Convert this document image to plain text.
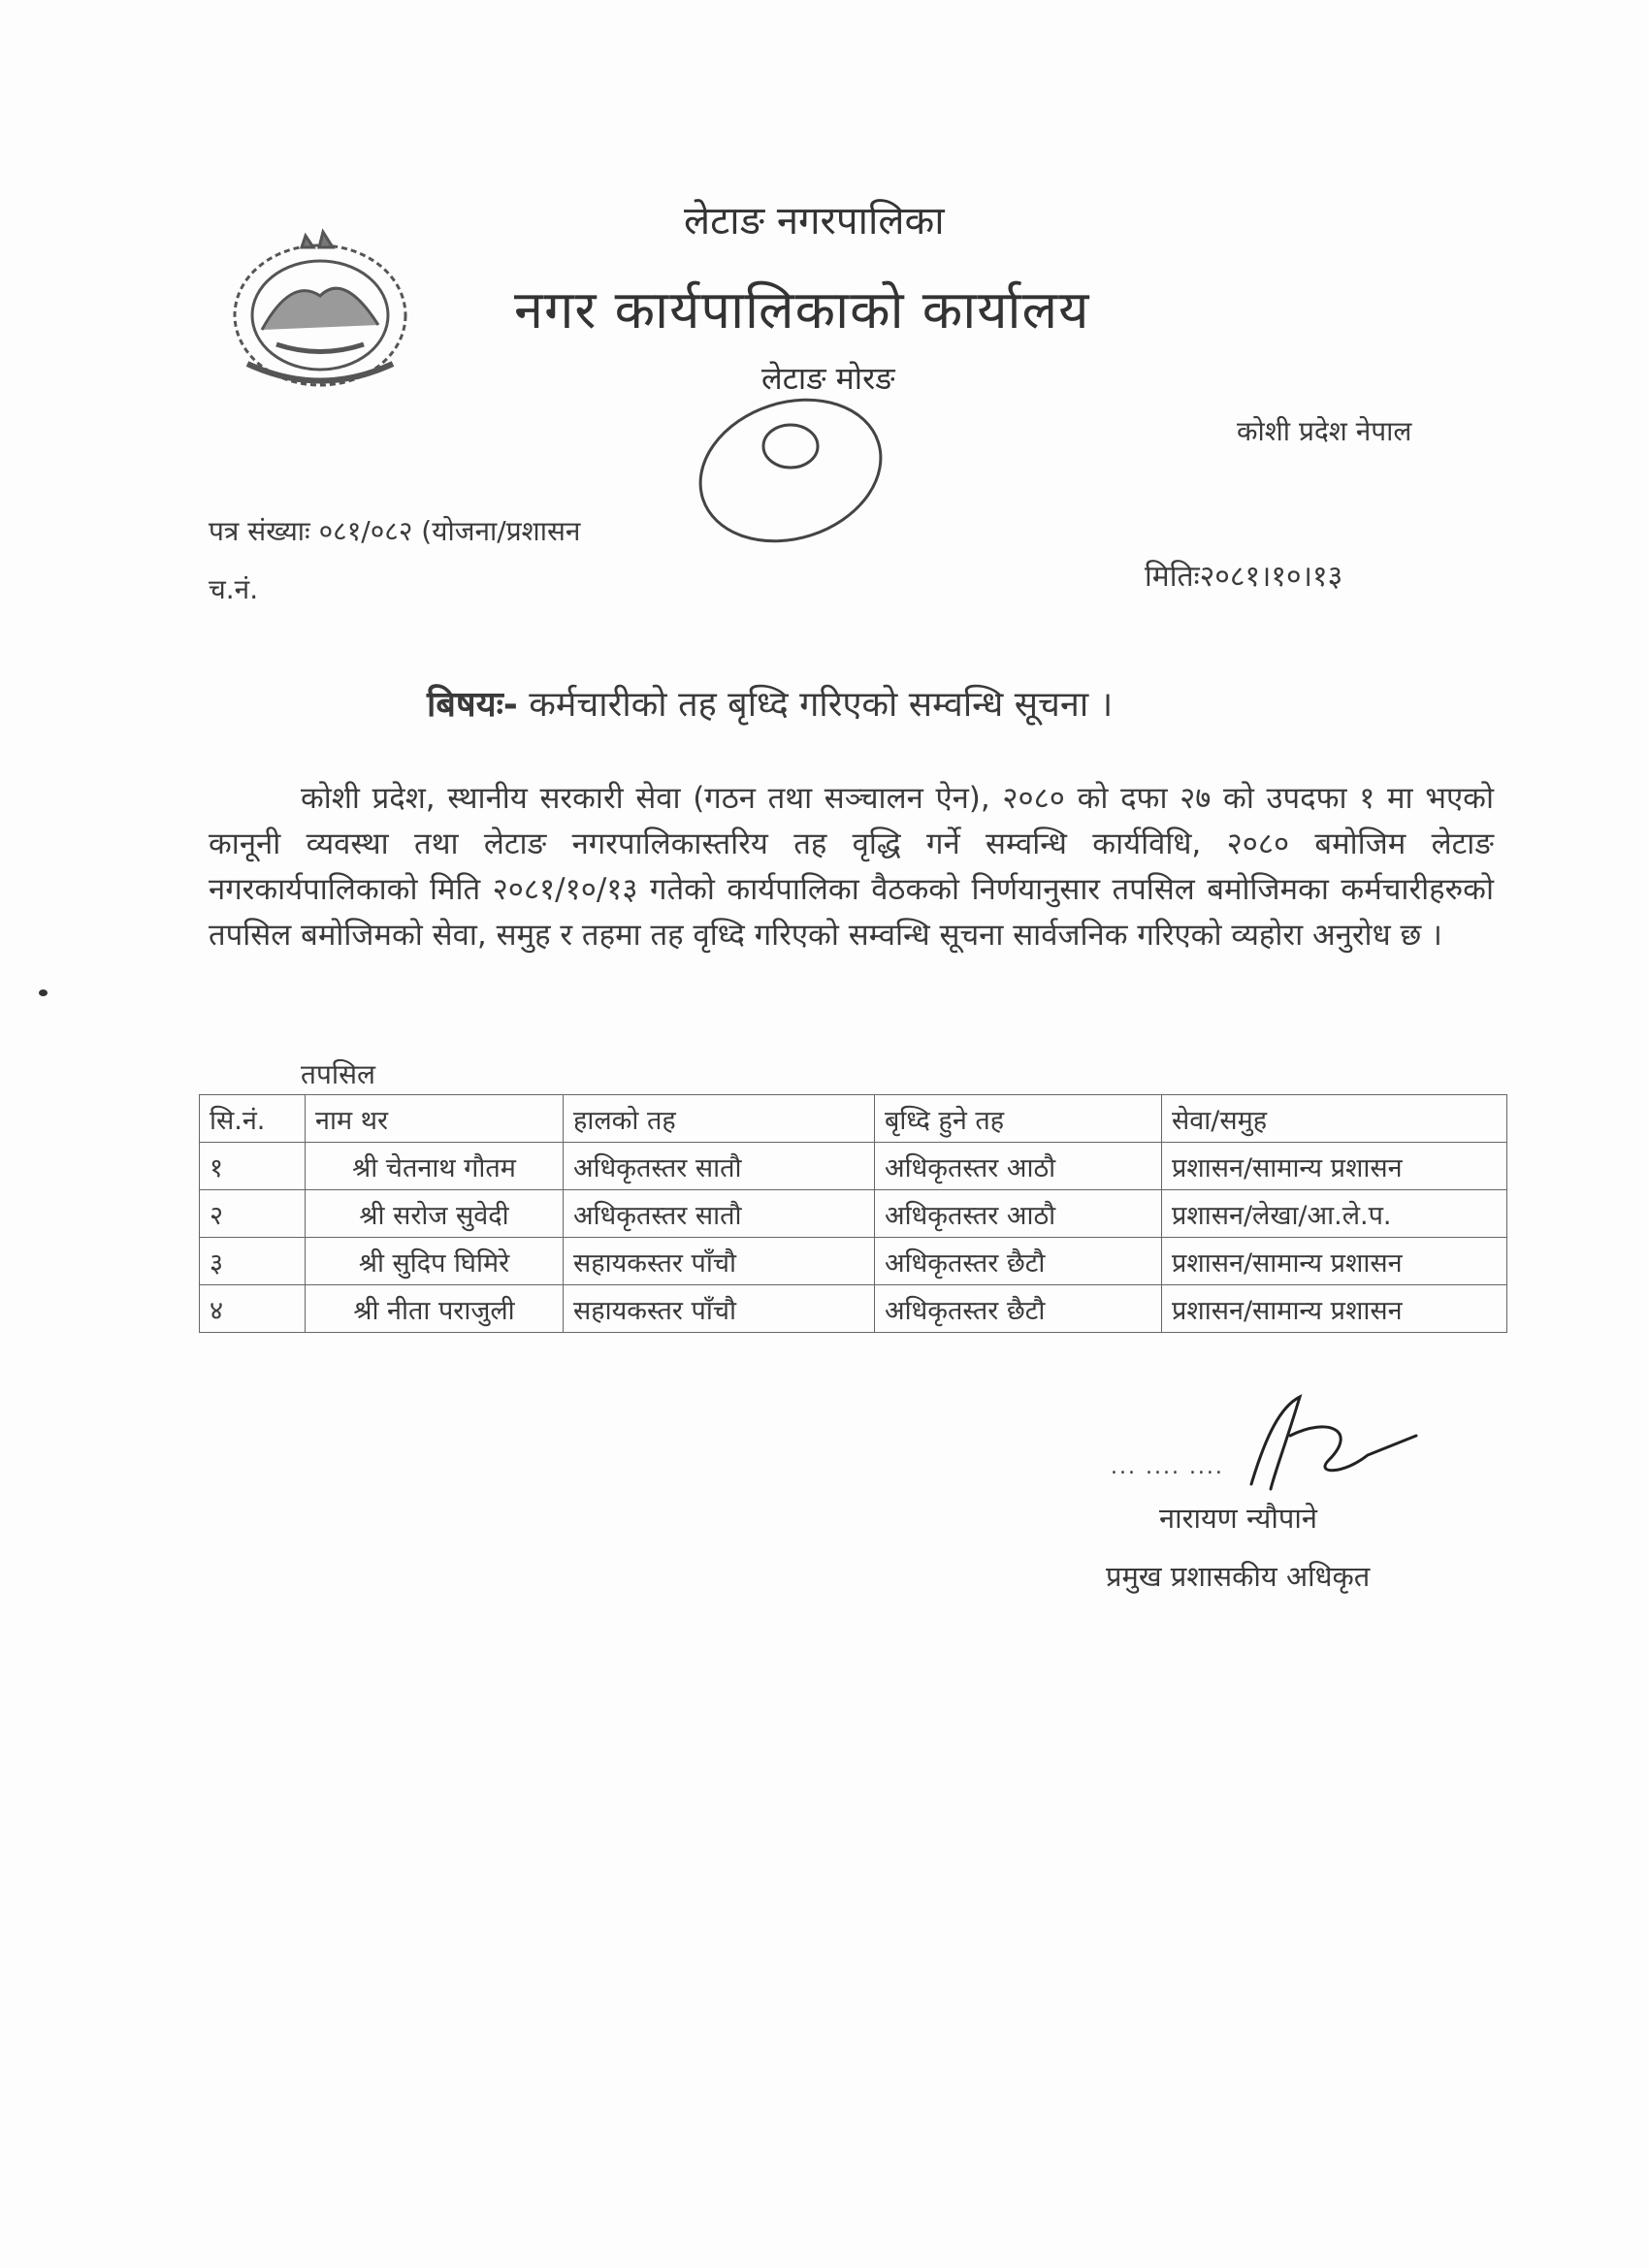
लेटाङ नगरपालिका
नगर कार्यपालिकाको कार्यालय
लेटाङ मोरङ
कोशी प्रदेश नेपाल
पत्र संख्याः ०८१/०८२ (योजना/प्रशासन
च.नं.	मितिः२०८१।१०।१३
बिषयः- कर्मचारीको तह बृध्दि गरिएको सम्वन्धि सूचना ।
कोशी प्रदेश, स्थानीय सरकारी सेवा (गठन तथा सञ्चालन ऐन), २०८० को दफा २७ को उपदफा १ मा भएको कानूनी व्यवस्था तथा लेटाङ नगरपालिकास्तरिय तह वृद्धि गर्ने सम्वन्धि कार्यविधि, २०८० बमोजिम लेटाङ नगरकार्यपालिकाको मिति २०८१/१०/१३ गतेको कार्यपालिका वैठकको निर्णयानुसार तपसिल बमोजिमका कर्मचारीहरुको तपसिल बमोजिमको सेवा, समुह र तहमा तह वृध्दि गरिएको सम्वन्धि सूचना सार्वजनिक गरिएको व्यहोरा अनुरोध छ ।
तपसिल
सि.नं.	नाम थर	हालको तह	बृध्दि हुने तह	सेवा/समुह
१	श्री चेतनाथ गौतम	अधिकृतस्तर सातौ	अधिकृतस्तर आठौ	प्रशासन/सामान्य प्रशासन
२	श्री सरोज सुवेदी	अधिकृतस्तर सातौ	अधिकृतस्तर आठौ	प्रशासन/लेखा/आ.ले.प.
३	श्री सुदिप घिमिरे	सहायकस्तर पाँचौ	अधिकृतस्तर छैटौ	प्रशासन/सामान्य प्रशासन
४	श्री नीता पराजुली	सहायकस्तर पाँचौ	अधिकृतस्तर छैटौ	प्रशासन/सामान्य प्रशासन
... .... ....
नारायण न्यौपाने
प्रमुख प्रशासकीय अधिकृत
